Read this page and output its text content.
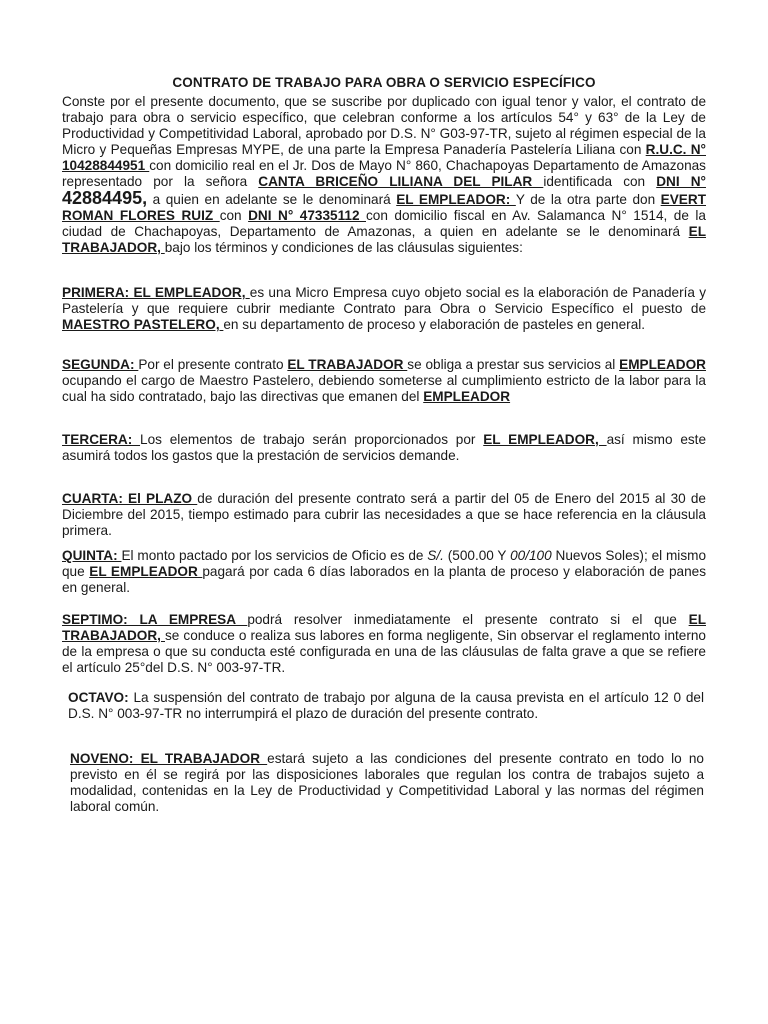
CONTRATO DE TRABAJO PARA OBRA O SERVICIO ESPECÍFICO
Conste por el presente documento, que se suscribe por duplicado con igual tenor y valor, el contrato de trabajo para obra o servicio específico, que celebran conforme a los artículos 54° y 63° de la Ley de Productividad y Competitividad Laboral, aprobado por D.S. N° G03-97-TR, sujeto al régimen especial de la Micro y Pequeñas Empresas MYPE, de una parte la Empresa Panadería Pastelería Liliana con R.U.C. N° 10428844951 con domicilio real en el Jr. Dos de Mayo N° 860, Chachapoyas Departamento de Amazonas representado por la señora CANTA BRICEÑO LILIANA DEL PILAR identificada con DNI N° 42884495, a quien en adelante se le denominará EL EMPLEADOR: Y de la otra parte don EVERT ROMAN FLORES RUIZ con DNI N° 47335112 con domicilio fiscal en Av. Salamanca N° 1514, de la ciudad de Chachapoyas, Departamento de Amazonas, a quien en adelante se le denominará EL TRABAJADOR, bajo los términos y condiciones de las cláusulas siguientes:
PRIMERA: EL EMPLEADOR, es una Micro Empresa cuyo objeto social es la elaboración de Panadería y Pastelería y que requiere cubrir mediante Contrato para Obra o Servicio Específico el puesto de MAESTRO PASTELERO, en su departamento de proceso y elaboración de pasteles en general.
SEGUNDA: Por el presente contrato EL TRABAJADOR se obliga a prestar sus servicios al EMPLEADOR ocupando el cargo de Maestro Pastelero, debiendo someterse al cumplimiento estricto de la labor para la cual ha sido contratado, bajo las directivas que emanen del EMPLEADOR
TERCERA: Los elementos de trabajo serán proporcionados por EL EMPLEADOR, así mismo este asumirá todos los gastos que la prestación de servicios demande.
CUARTA: El PLAZO de duración del presente contrato será a partir del 05 de Enero del 2015 al 30 de Diciembre del 2015, tiempo estimado para cubrir las necesidades a que se hace referencia en la cláusula primera.
QUINTA: El monto pactado por los servicios de Oficio es de S/. (500.00 Y 00/100 Nuevos Soles); el mismo que EL EMPLEADOR pagará por cada 6 días laborados en la planta de proceso y elaboración de panes en general.
SEPTIMO: LA EMPRESA podrá resolver inmediatamente el presente contrato si el que EL TRABAJADOR, se conduce o realiza sus labores en forma negligente, Sin observar el reglamento interno de la empresa o que su conducta esté configurada en una de las cláusulas de falta grave a que se refiere el artículo 25°del D.S. N° 003-97-TR.
OCTAVO: La suspensión del contrato de trabajo por alguna de la causa prevista en el artículo 12 0 del D.S. N° 003-97-TR no interrumpirá el plazo de duración del presente contrato.
NOVENO: EL TRABAJADOR estará sujeto a las condiciones del presente contrato en todo lo no previsto en él se regirá por las disposiciones laborales que regulan los contra de trabajos sujeto a modalidad, contenidas en la Ley de Productividad y Competitividad Laboral y las normas del régimen laboral común.
